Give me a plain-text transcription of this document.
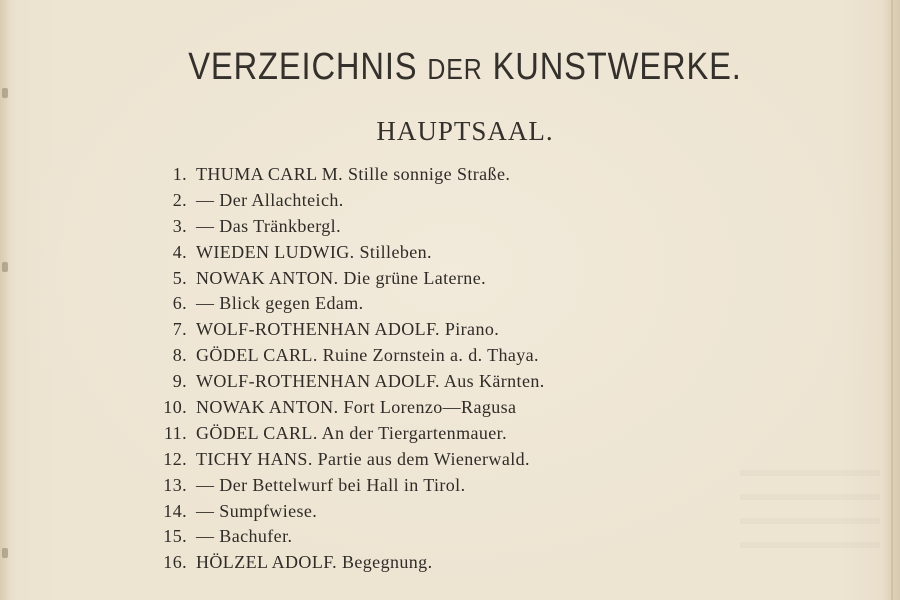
VERZEICHNIS DER KUNSTWERKE.
HAUPTSAAL.
1. THUMA CARL M. Stille sonnige Straße.
2. — Der Allachteich.
3. — Das Tränkbergl.
4. WIEDEN LUDWIG. Stilleben.
5. NOWAK ANTON. Die grüne Laterne.
6. — Blick gegen Edam.
7. WOLF-ROTHENHAN ADOLF. Pirano.
8. GÖDEL CARL. Ruine Zornstein a. d. Thaya.
9. WOLF-ROTHENHAN ADOLF. Aus Kärnten.
10. NOWAK ANTON. Fort Lorenzo—Ragusa
11. GÖDEL CARL. An der Tiergartenmauer.
12. TICHY HANS. Partie aus dem Wienerwald.
13. — Der Bettelwurf bei Hall in Tirol.
14. — Sumpfwiese.
15. — Bachufer.
16. HÖLZEL ADOLF. Begegnung.
